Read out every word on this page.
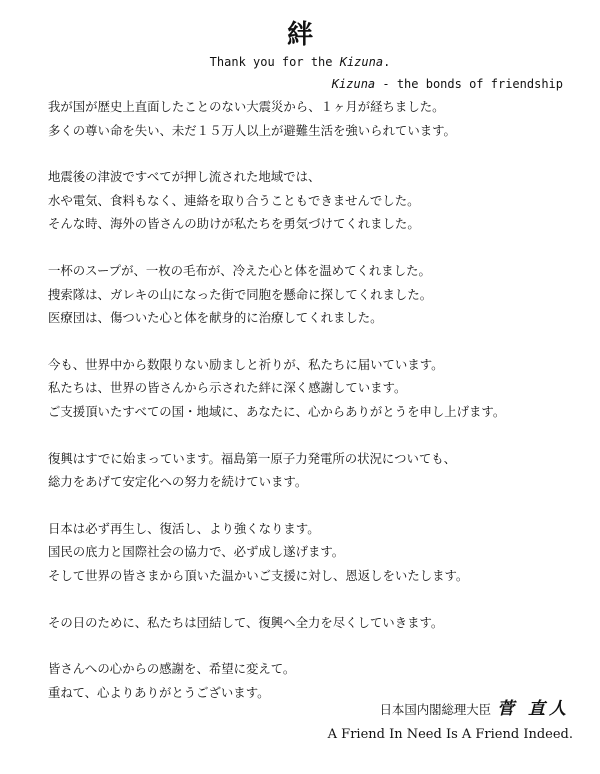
絆
Thank you for the Kizuna.
Kizuna - the bonds of friendship
我が国が歴史上直面したことのない大震災から、１ヶ月が経ちました。
多くの尊い命を失い、未だ１５万人以上が避難生活を強いられています。
地震後の津波ですべてが押し流された地域では、
水や電気、食料もなく、連絡を取り合うこともできませんでした。
そんな時、海外の皆さんの助けが私たちを勇気づけてくれました。
一杯のスープが、一枚の毛布が、冷えた心と体を温めてくれました。
捜索隊は、ガレキの山になった街で同胞を懸命に探してくれました。
医療団は、傷ついた心と体を献身的に治療してくれました。
今も、世界中から数限りない励ましと祈りが、私たちに届いています。
私たちは、世界の皆さんから示された絆に深く感謝しています。
ご支援頂いたすべての国・地域に、あなたに、心からありがとうを申し上げます。
復興はすでに始まっています。福島第一原子力発電所の状況についても、
総力をあげて安定化への努力を続けています。
日本は必ず再生し、復活し、より強くなります。
国民の底力と国際社会の協力で、必ず成し遂げます。
そして世界の皆さまから頂いた温かいご支援に対し、恩返しをいたします。
その日のために、私たちは団結して、復興へ全力を尽くしていきます。
皆さんへの心からの感謝を、希望に変えて。
重ねて、心よりありがとうございます。
日本国内閣総理大臣 菅 直人
A Friend In Need Is A Friend Indeed.
